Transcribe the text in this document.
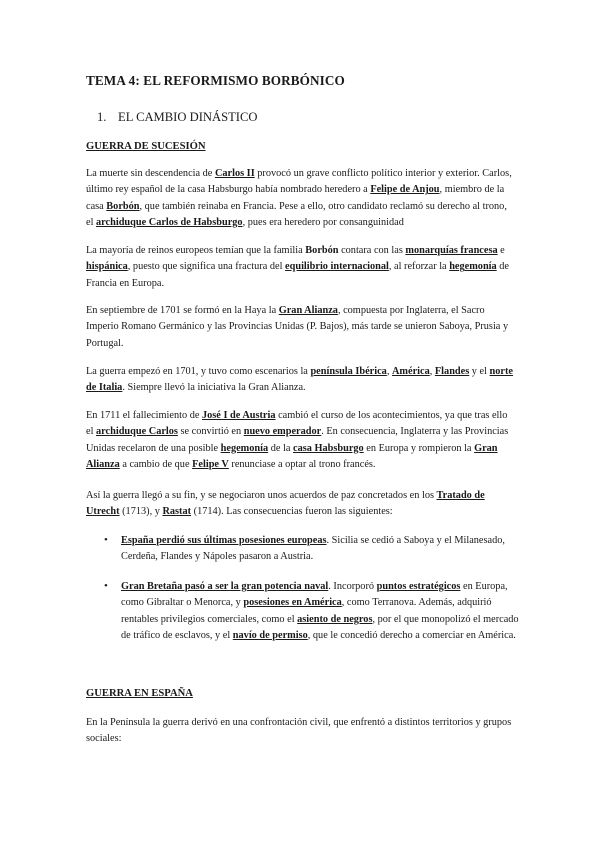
TEMA 4: EL REFORMISMO BORBÓNICO
1. EL CAMBIO DINÁSTICO
GUERRA DE SUCESIÓN
La muerte sin descendencia de Carlos II provocó un grave conflicto político interior y exterior. Carlos, último rey español de la casa Habsburgo había nombrado heredero a Felipe de Anjou, miembro de la casa Borbón, que también reinaba en Francia. Pese a ello, otro candidato reclamó su derecho al trono, el archiduque Carlos de Habsburgo, pues era heredero por consanguinidad
La mayoría de reinos europeos temían que la familia Borbón contara con las monarquías francesa e hispánica, puesto que significa una fractura del equilibrio internacional, al reforzar la hegemonía de Francia en Europa.
En septiembre de 1701 se formó en la Haya la Gran Alianza, compuesta por Inglaterra, el Sacro Imperio Romano Germánico y las Provincias Unidas (P. Bajos), más tarde se unieron Saboya, Prusia y Portugal.
La guerra empezó en 1701, y tuvo como escenarios la península Ibérica, América, Flandes y el norte de Italia. Siempre llevó la iniciativa la Gran Alianza.
En 1711 el fallecimiento de José I de Austria cambió el curso de los acontecimientos, ya que tras ello el archiduque Carlos se convirtió en nuevo emperador. En consecuencia, Inglaterra y las Provincias Unidas recelaron de una posible hegemonía de la casa Habsburgo en Europa y rompieron la Gran Alianza a cambio de que Felipe V renunciase a optar al trono francés.
Así la guerra llegó a su fin, y se negociaron unos acuerdos de paz concretados en los Tratado de Utrecht (1713), y Rastat (1714). Las consecuencias fueron las siguientes:
• España perdió sus últimas posesiones europeas. Sicilia se cedió a Saboya y el Milanesado, Cerdeña, Flandes y Nápoles pasaron a Austria.
• Gran Bretaña pasó a ser la gran potencia naval. Incorporó puntos estratégicos en Europa, como Gibraltar o Menorca, y posesiones en América, como Terranova. Además, adquirió rentables privilegios comerciales, como el asiento de negros, por el que monopolizó el mercado de tráfico de esclavos, y el navío de permiso, que le concedió derecho a comerciar en América.
GUERRA EN ESPAÑA
En la Península la guerra derivó en una confrontación civil, que enfrentó a distintos territorios y grupos sociales:
